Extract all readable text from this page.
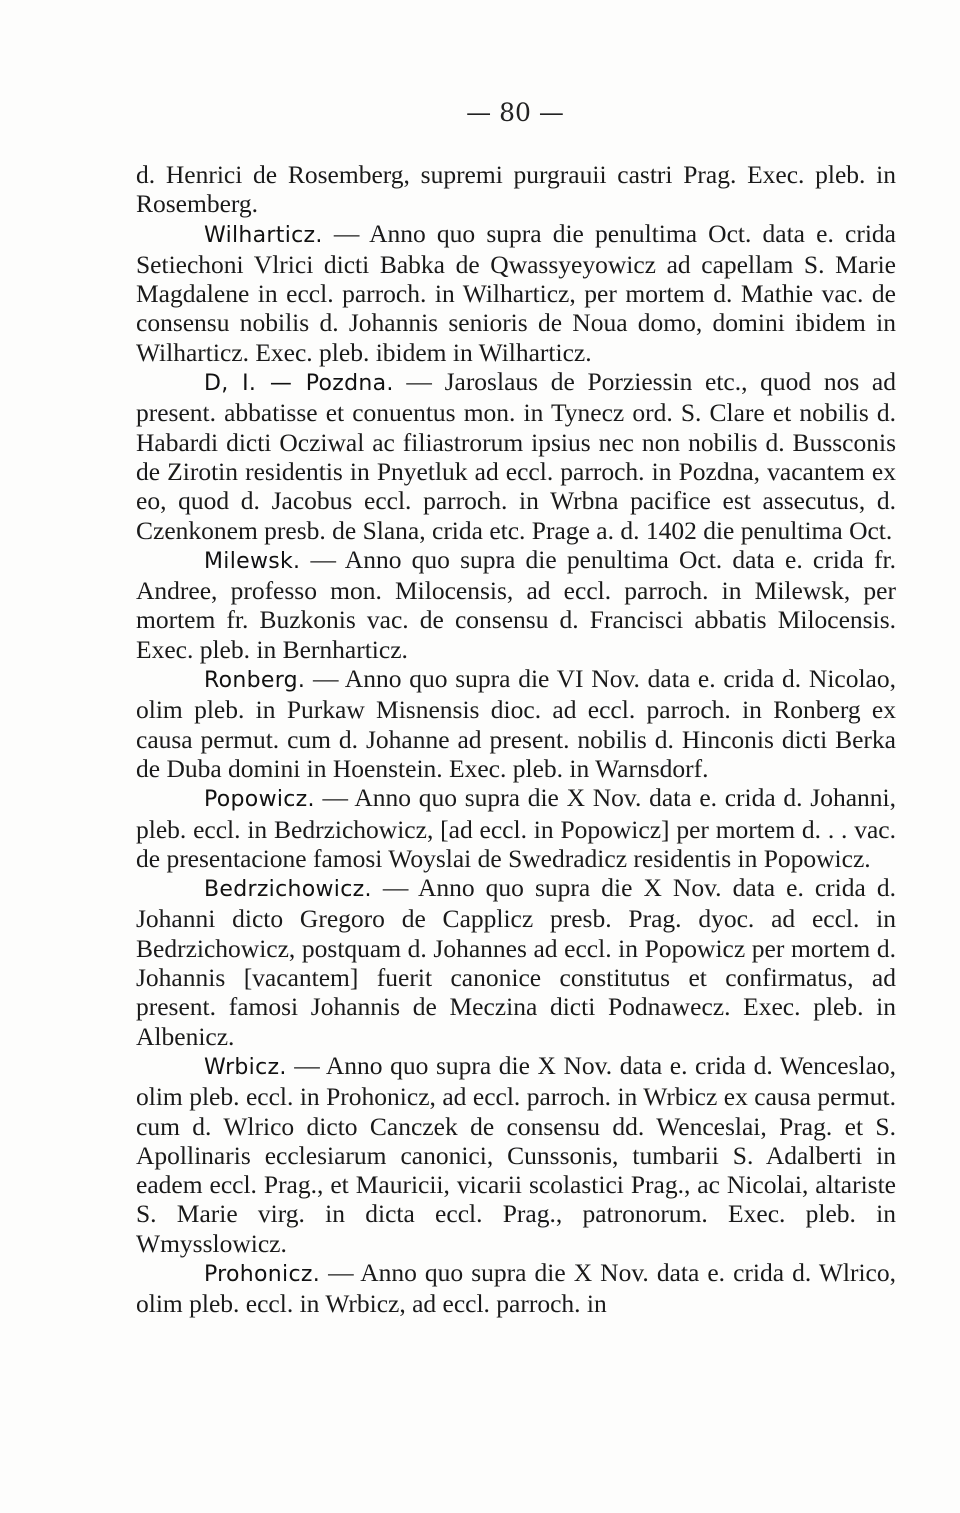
— 80 —

d. Henrici de Rosemberg, supremi purgrauii castri Prag. Exec. pleb. in Rosemberg.

Wilharticz. — Anno quo supra die penultima Oct. data e. crida Setiechoni Vlrici dicti Babka de Qwassyeyowicz ad capellam S. Marie Magdalene in eccl. parroch. in Wilharticz, per mortem d. Mathie vac. de consensu nobilis d. Johannis senioris de Noua domo, domini ibidem in Wilharticz. Exec. pleb. ibidem in Wilharticz.

D, I. — Pozdna. — Jaroslaus de Porziessin etc., quod nos ad present. abbatisse et conuentus mon. in Tynecz ord. S. Clare et nobilis d. Habardi dicti Ocziwal ac filiastrorum ipsius nec non nobilis d. Bussconis de Zirotin residentis in Pnyetluk ad eccl. parroch. in Pozdna, vacantem ex eo, quod d. Jacobus eccl. parroch. in Wrbna pacifice est assecutus, d. Czenkonem presb. de Slana, crida etc. Prage a. d. 1402 die penultima Oct.

Milewsk. — Anno quo supra die penultima Oct. data e. crida fr. Andree, professo mon. Milocensis, ad eccl. parroch. in Milewsk, per mortem fr. Buzkonis vac. de consensu d. Francisci abbatis Milocensis. Exec. pleb. in Bernharticz.

Ronberg. — Anno quo supra die VI Nov. data e. crida d. Nicolao, olim pleb. in Purkaw Misnensis dioc. ad eccl. parroch. in Ronberg ex causa permut. cum d. Johanne ad present. nobilis d. Hinconis dicti Berka de Duba domini in Hoenstein. Exec. pleb. in Warnsdorf.

Popowicz. — Anno quo supra die X Nov. data e. crida d. Johanni, pleb. eccl. in Bedrzichowicz, [ad eccl. in Popowicz] per mortem d. . . vac. de presentacione famosi Woyslai de Swedradicz residentis in Popowicz.

Bedrzichowicz. — Anno quo supra die X Nov. data e. crida d. Johanni dicto Gregoro de Capplicz presb. Prag. dyoc. ad eccl. in Bedrzichowicz, postquam d. Johannes ad eccl. in Popowicz per mortem d. Johannis [vacantem] fuerit canonice constitutus et confirmatus, ad present. famosi Johannis de Meczina dicti Podnawecz. Exec. pleb. in Albenicz.

Wrbicz. — Anno quo supra die X Nov. data e. crida d. Wenceslao, olim pleb. eccl. in Prohonicz, ad eccl. parroch. in Wrbicz ex causa permut. cum d. Wlrico dicto Canczek de consensu dd. Wenceslai, Prag. et S. Apollinaris ecclesiarum canonici, Cunssonis, tumbarii S. Adalberti in eadem eccl. Prag., et Mauricii, vicarii scolastici Prag., ac Nicolai, altariste S. Marie virg. in dicta eccl. Prag., patronorum. Exec. pleb. in Wmysslowicz.

Prohonicz. — Anno quo supra die X Nov. data e. crida d. Wlrico, olim pleb. eccl. in Wrbicz, ad eccl. parroch. in
